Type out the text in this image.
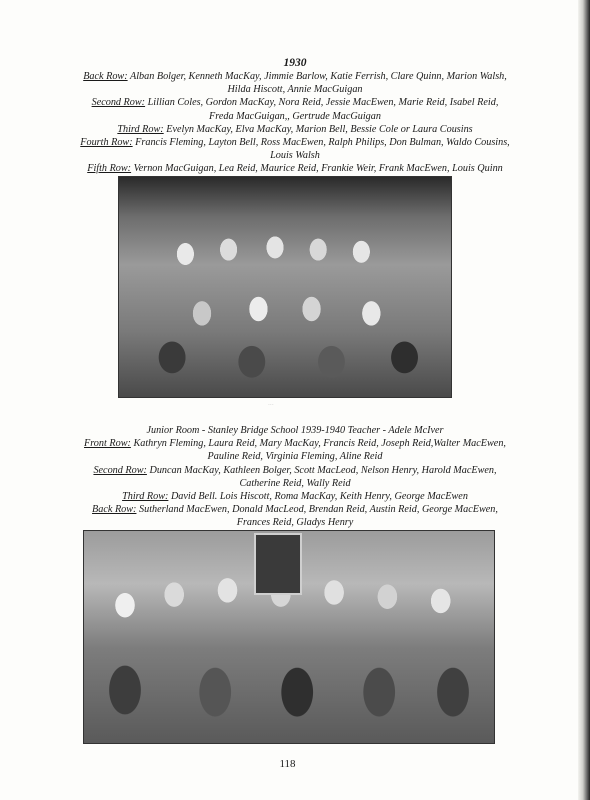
1930
Back Row: Alban Bolger, Kenneth MacKay, Jimmie Barlow, Katie Ferrish, Clare Quinn, Marion Walsh,
Hilda Hiscott, Annie MacGuigan
Second Row: Lillian Coles, Gordon MacKay, Nora Reid, Jessie MacEwen, Marie Reid, Isabel Reid,
Freda MacGuigan,, Gertrude MacGuigan
Third Row: Evelyn MacKay, Elva MacKay, Marion Bell, Bessie Cole or Laura Cousins
Fourth Row: Francis Fleming, Layton Bell, Ross MacEwen, Ralph Philips, Don Bulman, Waldo Cousins,
Louis Walsh
Fifth Row: Vernon MacGuigan, Lea Reid, Maurice Reid, Frankie Weir, Frank MacEwen, Louis Quinn
···
Junior Room - Stanley Bridge School 1939-1940 Teacher - Adele McIver
Front Row: Kathryn Fleming, Laura Reid, Mary MacKay, Francis Reid, Joseph Reid,Walter MacEwen,
Pauline Reid, Virginia Fleming, Aline Reid
Second Row: Duncan MacKay, Kathleen Bolger, Scott MacLeod, Nelson Henry, Harold MacEwen,
Catherine Reid, Wally Reid
Third Row: David Bell. Lois Hiscott, Roma MacKay, Keith Henry, George MacEwen
Back Row: Sutherland MacEwen, Donald MacLeod, Brendan Reid, Austin Reid, George MacEwen,
Frances Reid, Gladys Henry
118
